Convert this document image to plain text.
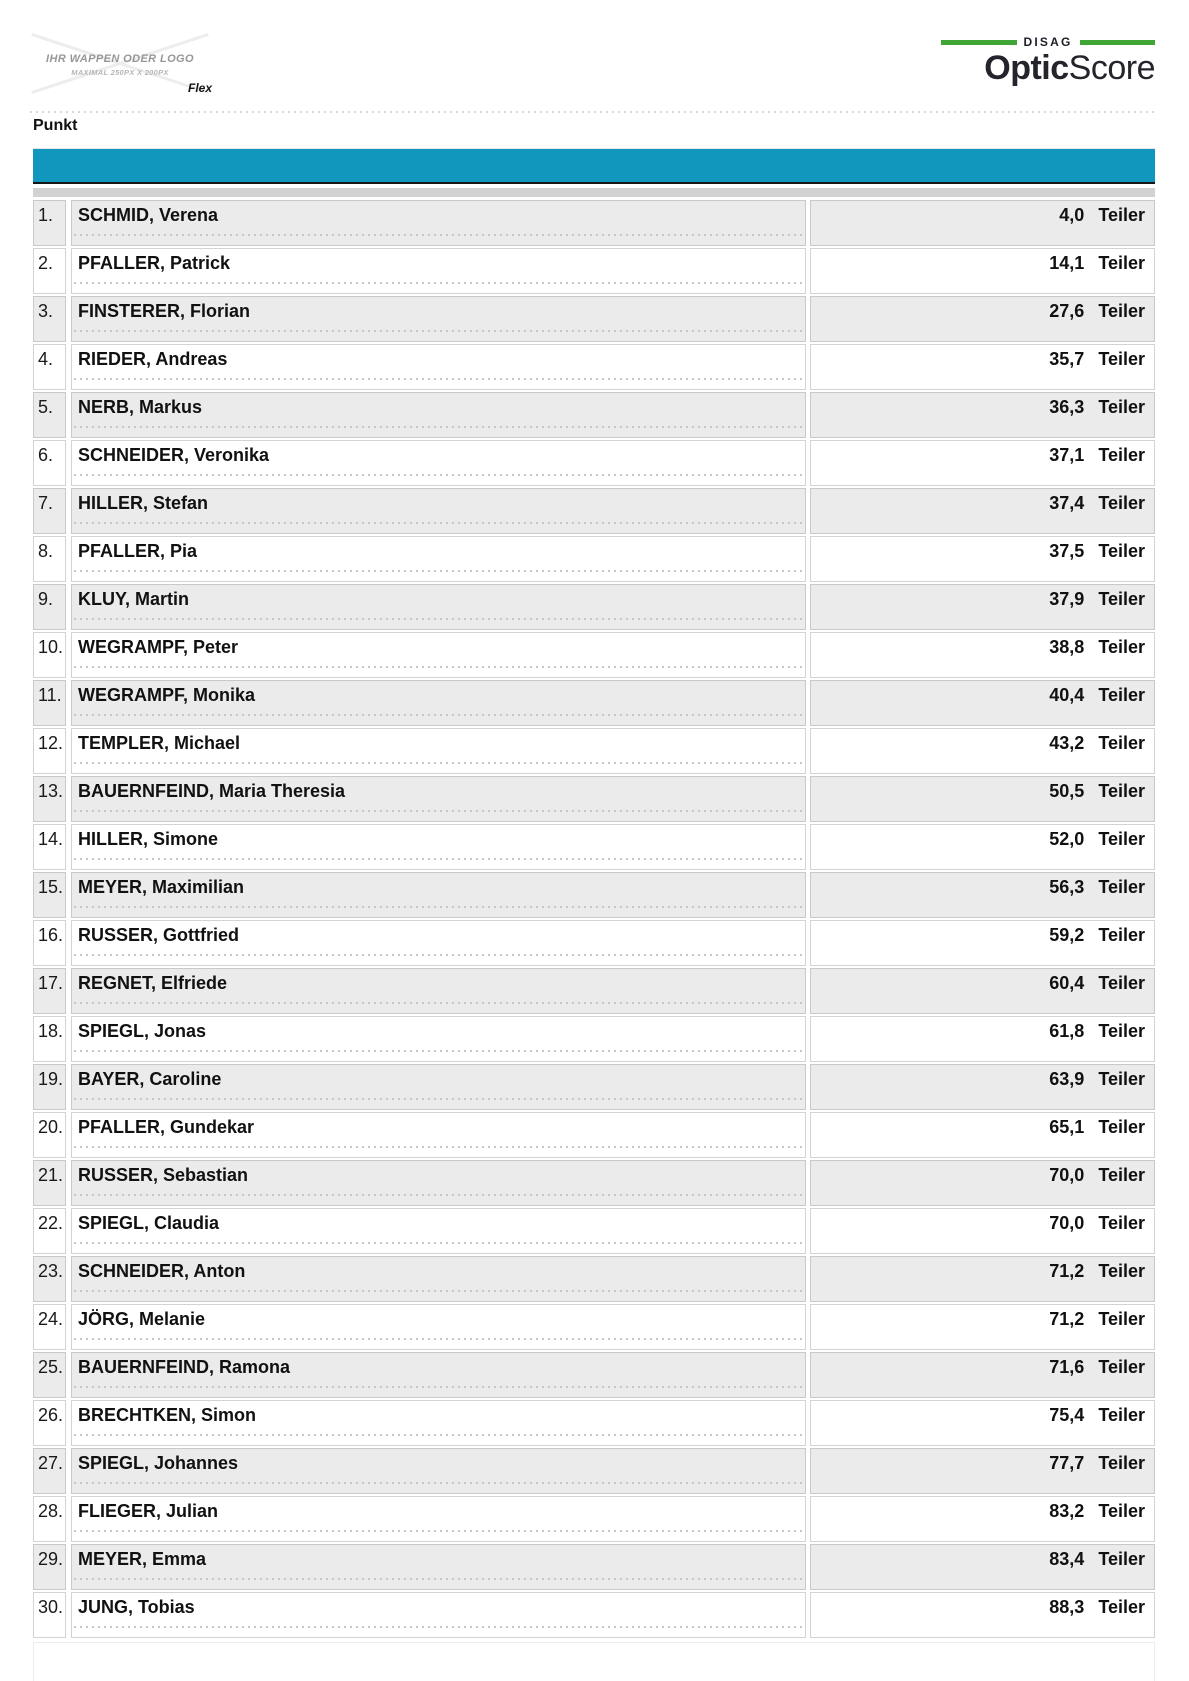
IHR WAPPEN ODER LOGO
MAXIMAL 250PX X 200PX
Flex
DISAG
OpticScore
Punkt
1.	SCHMID, Verena	4,0 Teiler
2.	PFALLER, Patrick	14,1 Teiler
3.	FINSTERER, Florian	27,6 Teiler
4.	RIEDER, Andreas	35,7 Teiler
5.	NERB, Markus	36,3 Teiler
6.	SCHNEIDER, Veronika	37,1 Teiler
7.	HILLER, Stefan	37,4 Teiler
8.	PFALLER, Pia	37,5 Teiler
9.	KLUY, Martin	37,9 Teiler
10. WEGRAMPF, Peter	38,8 Teiler
11. WEGRAMPF, Monika	40,4 Teiler
12. TEMPLER, Michael	43,2 Teiler
13. BAUERNFEIND, Maria Theresia	50,5 Teiler
14. HILLER, Simone	52,0 Teiler
15. MEYER, Maximilian	56,3 Teiler
16. RUSSER, Gottfried	59,2 Teiler
17. REGNET, Elfriede	60,4 Teiler
18. SPIEGL, Jonas	61,8 Teiler
19. BAYER, Caroline	63,9 Teiler
20. PFALLER, Gundekar	65,1 Teiler
21. RUSSER, Sebastian	70,0 Teiler
22. SPIEGL, Claudia	70,0 Teiler
23. SCHNEIDER, Anton	71,2 Teiler
24. JÖRG, Melanie	71,2 Teiler
25. BAUERNFEIND, Ramona	71,6 Teiler
26. BRECHTKEN, Simon	75,4 Teiler
27. SPIEGL, Johannes	77,7 Teiler
28. FLIEGER, Julian	83,2 Teiler
29. MEYER, Emma	83,4 Teiler
30. JUNG, Tobias	88,3 Teiler
